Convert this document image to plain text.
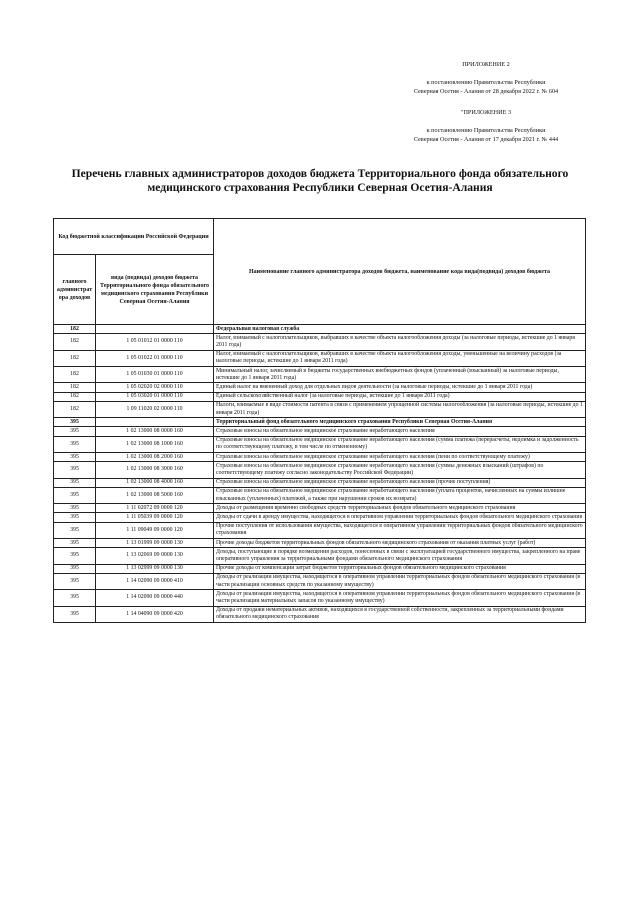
ПРИЛОЖЕНИЕ 2

к постановлению Правительства Республики

Северная Осетия - Алания от 28 декабря 2022 г. № 604

"ПРИЛОЖЕНИЕ 3

к постановлению Правительства Республики

Северная Осетия - Алания от 17 декабря 2021 г. № 444

Перечень главных администраторов доходов бюджета Территориального фонда обязательного
медицинского страхования Республики Северная Осетия-Алания
Код бюджетной классификации Российской Федерации		Наименование главного администратора доходов бюджета, наименование кода вида(подвида) доходов бюджета
главного администрат ора доходов	вида (подвида) доходов бюджета Территориального фонда обязательного медицинского страхования Республики Северная Осетия-Алания	
182		Федеральная налоговая служба
182	1 05 01012 01 0000 110	Налог, взимаемый с налогоплательщиков, выбравших в качестве объекта налогообложения доходы (за налоговые периоды, истекшие до 1 января 2011 года)
182	1 05 01022 01 0000 110	Налог, взимаемый с налогоплательщиков, выбравших в качестве объекта налогообложения доходы, уменьшенные на величину расходов (за налоговые периоды, истекшие до 1 января 2011 года)
182	1 05 01030 01 0000 110	Минимальный налог, зачисляемый в бюджеты государственных внебюджетных фондов (уплаченный (взысканный) за налоговые периоды, истекшие до 1 января 2011 года)
182	1 05 02020 02 0000 110	Единый налог на вмененный доход для отдельных видов деятельности (за налоговые периоды, истекшие до 1 января 2011 года)
182	1 05 03020 01 0000 110	Единый сельскохозяйственный налог (за налоговые периоды, истекшие до 1 января 2011 года)
182	1 09 11020 02 0000 110	Налоги, взимаемые в виде стоимости патента в связи с применением упрощенной системы налогообложения (за налоговые периоды, истекшие до 1 января 2011 года)
395		Территориальный фонд обязательного медицинского страхования Республики Северная Осетия-Алания
395	1 02 13000 08 0000 160	Страховые взносы на обязательное медицинское страхование неработающего населения
395	1 02 13000 08 1000 160	Страховые взносы на обязательное медицинское страхование неработающего населения (сумма платежа (перерасчеты, недоимка и задолженность по соответствующему платежу, в том числе по отмененному)
395	1 02 13000 08 2000 160	Страховые взносы на обязательное медицинское страхование неработающего населения (пени по соответствующему платежу)
395	1 02 13000 08 3000 160	Страховые взносы на обязательное медицинское страхование неработающего населения (суммы денежных взысканий (штрафов) по соответствующему платежу согласно законодательству Российской Федерации)
395	1 02 13000 08 4000 160	Страховые взносы на обязательное медицинское страхование неработающего населения (прочие поступления)
395	1 02 13000 08 5000 160	Страховые взносы на обязательное медицинское страхование неработающего населения (уплата процентов, начисленных на суммы излишне взысканных (уплаченных) платежей, а также при нарушении сроков их возврата)
395	1 11 02072 09 0000 120	Доходы от размещения временно свободных средств территориальных фондов обязательного медицинского страхования
395	1 11 05039 09 0000 120	Доходы от сдачи в аренду имущества, находящегося в оперативном управлении территориальных фондов обязательного медицинского страхования
395	1 11 09049 09 0000 120	Прочие поступления от использования имущества, находящегося в оперативном управлении территориальных фондов обязательного медицинского страхования
395	1 13 01999 09 0000 130	Прочие доходы бюджетов территориальных фондов обязательного медицинского страхования от оказания платных услуг (работ)
395	1 13 02069 09 0000 130	Доходы, поступающие в порядке возмещения расходов, понесенных в связи с эксплуатацией государственного имущества, закрепленного на праве оперативного управления за территориальными фондами обязательного медицинского страхования
395	1 13 02999 09 0000 130	Прочие доходы от компенсации затрат бюджетов территориальных фондов обязательного медицинского страхования
395	1 14 02090 09 0000 410	Доходы от реализации имущества, находящегося в оперативном управлении территориальных фондов обязательного медицинского страхования (в части реализации основных средств по указанному имуществу)
395	1 14 02090 09 0000 440	Доходы от реализации имущества, находящегося в оперативном управлении территориальных фондов обязательного медицинского страхования (в части реализации материальных запасов по указанному имуществу)
395	1 14 04090 09 0000 420	Доходы от продажи нематериальных активов, находящихся в государственной собственности, закрепленных за территориальными фондами обязательного медицинского страхования
